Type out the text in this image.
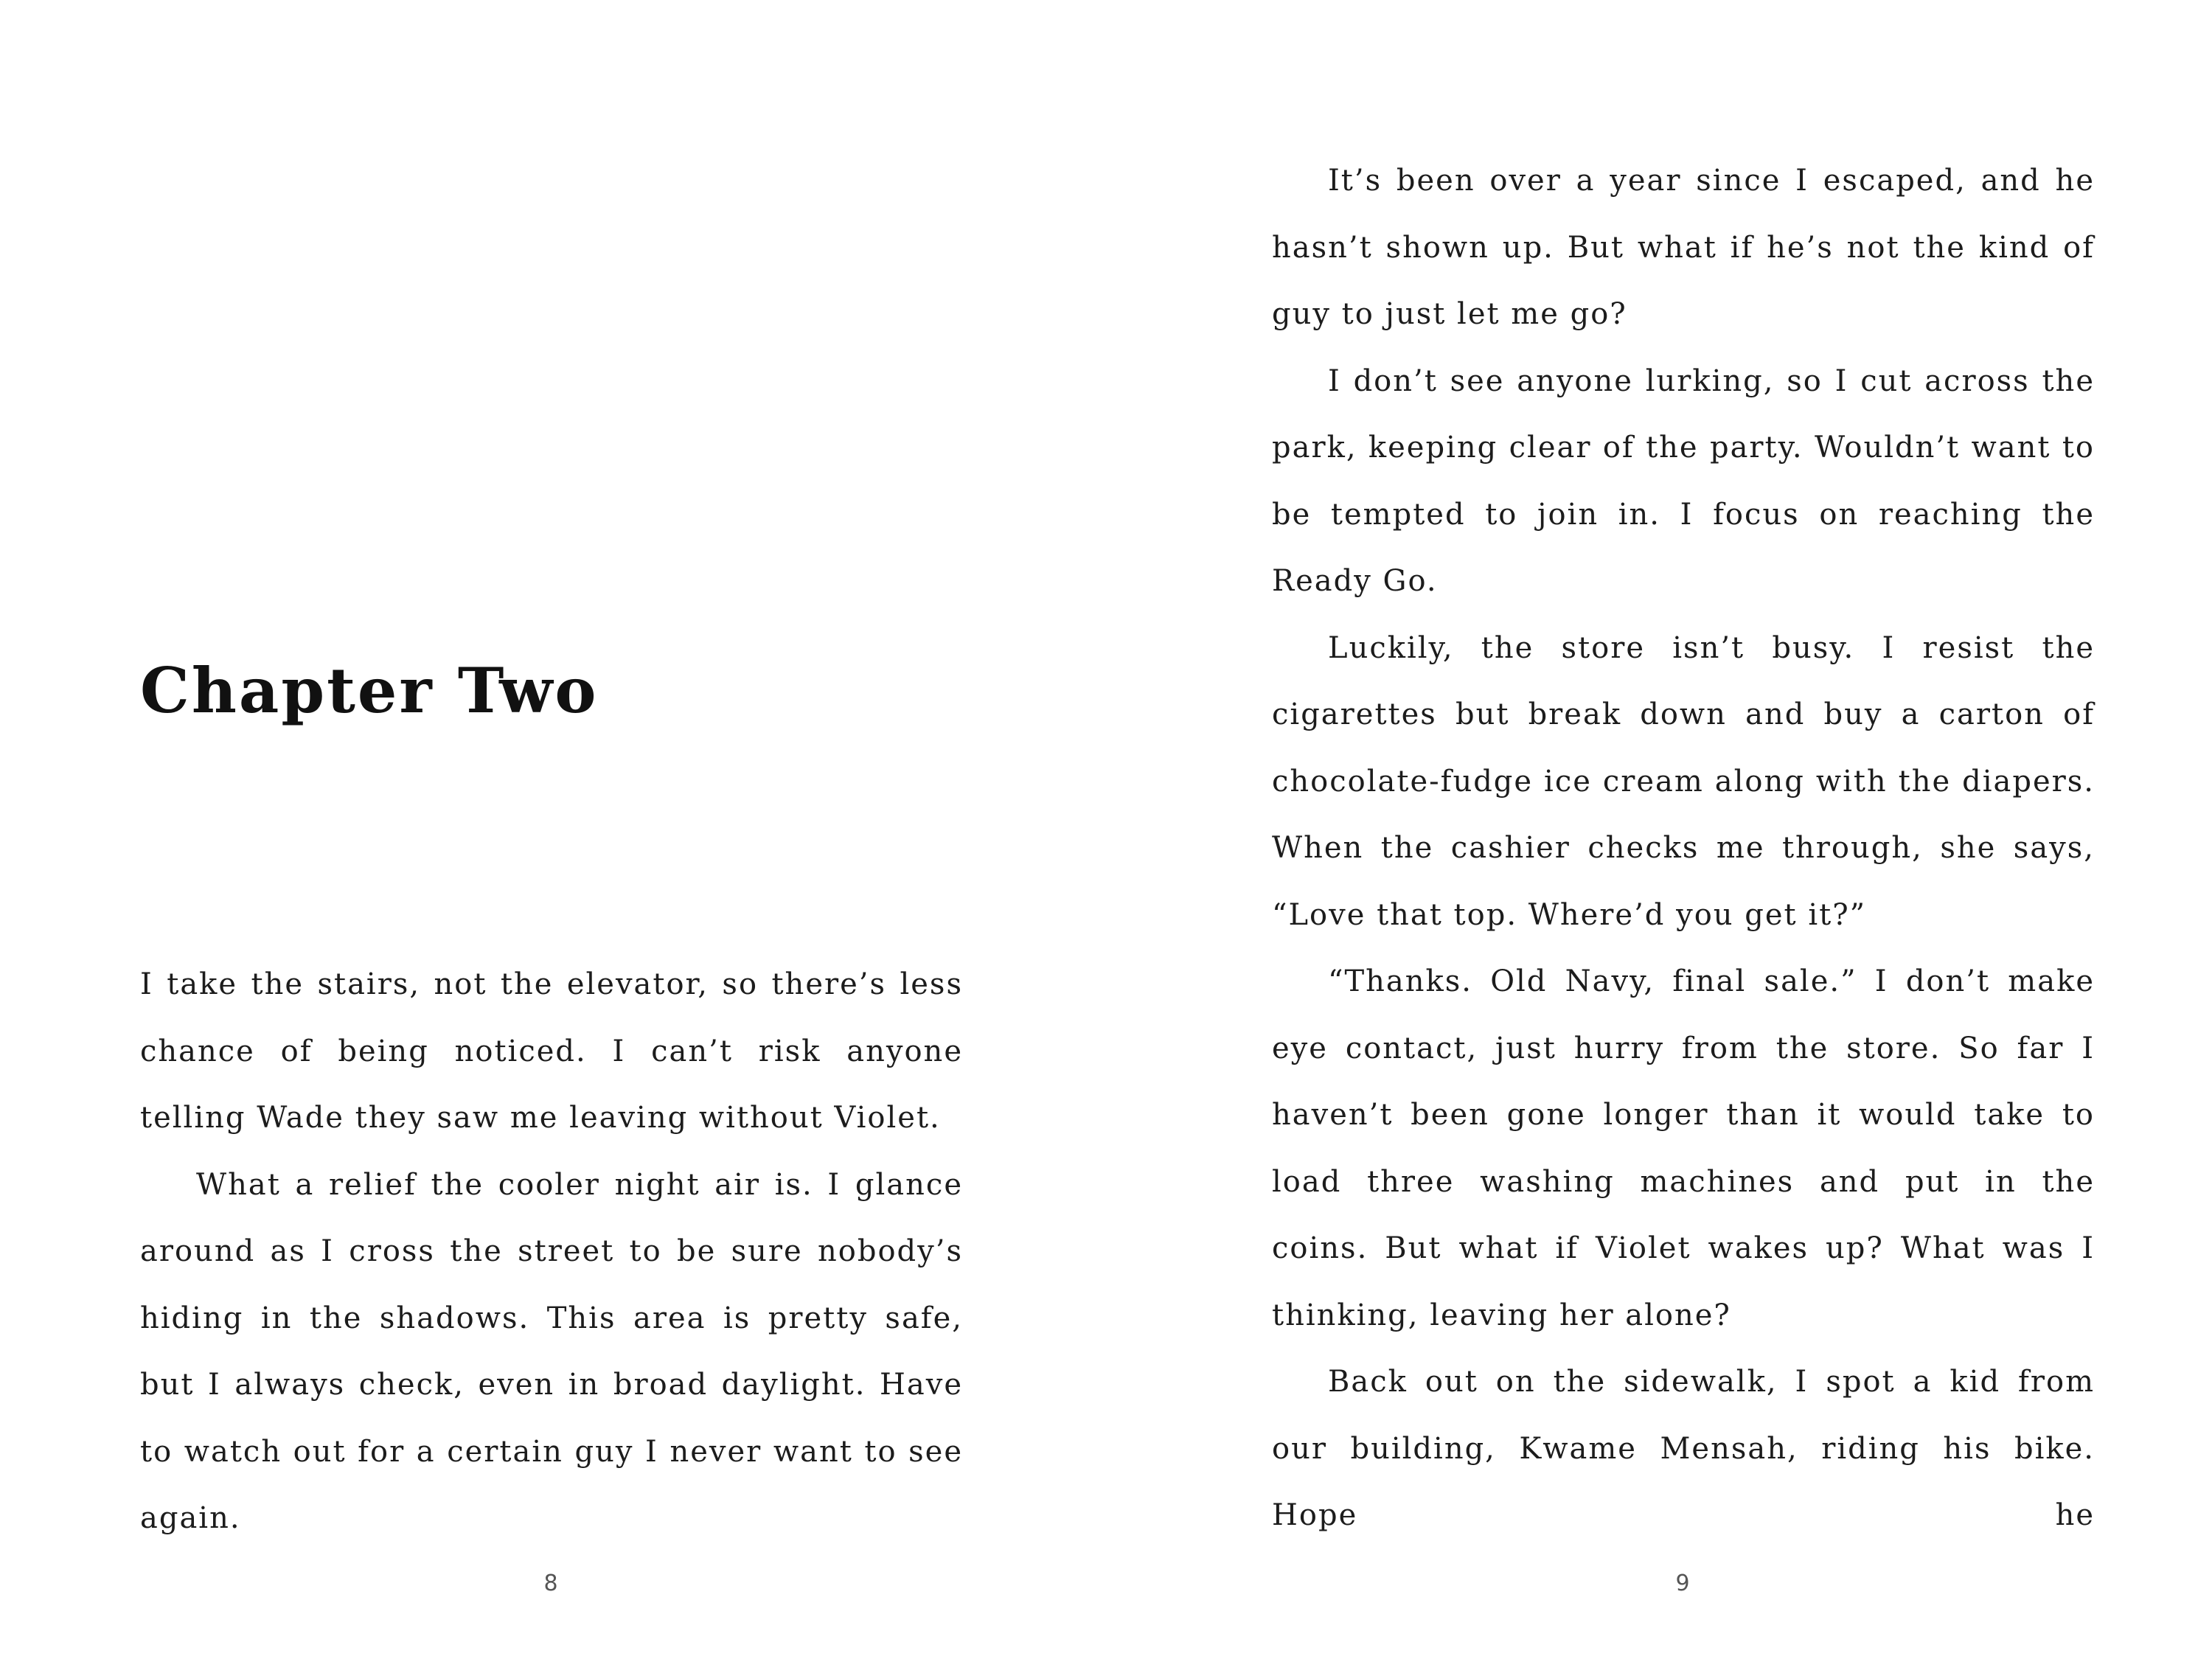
Chapter Two

I take the stairs, not the elevator, so there’s less chance of being noticed. I can’t risk anyone telling Wade they saw me leaving without Violet.

What a relief the cooler night air is. I glance around as I cross the street to be sure nobody’s hiding in the shadows. This area is pretty safe, but I always check, even in broad daylight. Have to watch out for a certain guy I never want to see again.

8

It’s been over a year since I escaped, and he hasn’t shown up. But what if he’s not the kind of guy to just let me go?

I don’t see anyone lurking, so I cut across the park, keeping clear of the party. Wouldn’t want to be tempted to join in. I focus on reaching the Ready Go.

Luckily, the store isn’t busy. I resist the cigarettes but break down and buy a carton of chocolate-fudge ice cream along with the diapers. When the cashier checks me through, she says, “Love that top. Where’d you get it?”

“Thanks. Old Navy, final sale.” I don’t make eye contact, just hurry from the store. So far I haven’t been gone longer than it would take to load three washing machines and put in the coins. But what if Violet wakes up? What was I thinking, leaving her alone?

Back out on the sidewalk, I spot a kid from our building, Kwame Mensah, riding his bike. Hope he

9
